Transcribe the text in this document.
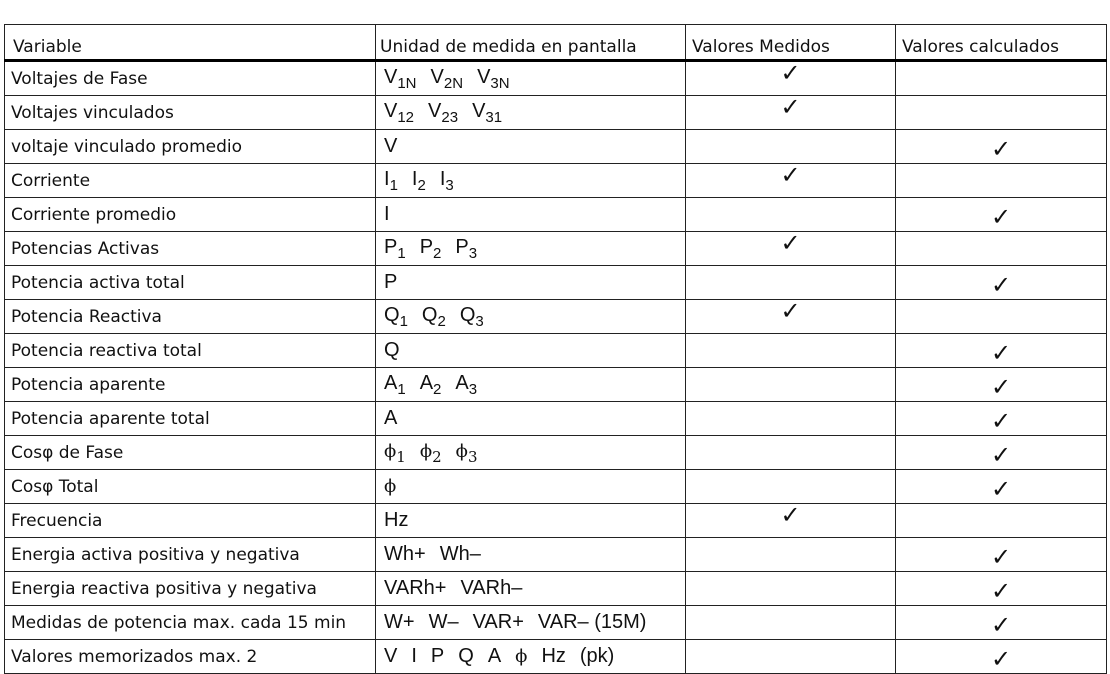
Variable	Unidad de medida en pantalla	Valores Medidos	Valores calculados
Voltajes de Fase	$V_{1N}$ $V_{2N}$ $V_{3N}$	✓	
Voltajes vinculados	$V_{12}$ $V_{23}$ $V_{31}$	✓	
voltaje vinculado promedio	V		✓
Corriente	$I_1$ $I_2$ $I_3$	✓	
Corriente promedio	I		✓
Potencias Activas	$P_1$ $P_2$ $P_3$	✓	
Potencia activa total	P		✓
Potencia Reactiva	$Q_1$ $Q_2$ $Q_3$	✓	
Potencia reactiva total	Q		✓
Potencia aparente	$A_1$ $A_2$ $A_3$		✓
Potencia aparente total	A		✓
Cosφ de Fase	$\phi_1$ $\phi_2$ $\phi_3$		✓
Cosφ Total	ϕ		✓
Frecuencia	Hz	✓	
Energia activa positiva y negativa	Wh+ Wh–		✓
Energia reactiva positiva y negativa	VARh+ VARh–		✓
Medidas de potencia max. cada 15 min	W+ W– VAR+ VAR– (15M)		✓
Valores memorizados max. 2	V I P Q A ϕ Hz (pk)		✓
